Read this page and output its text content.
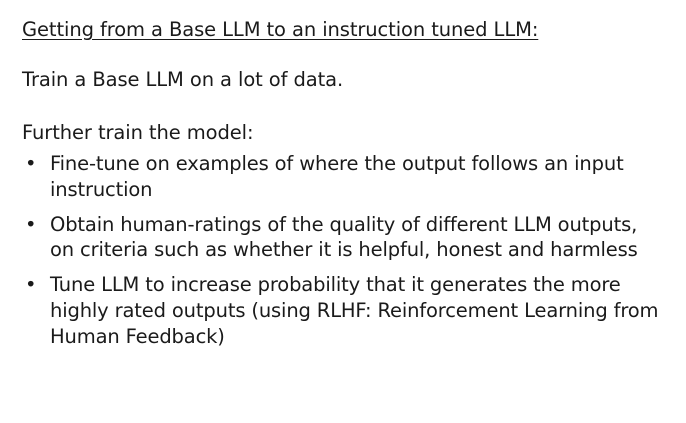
Getting from a Base LLM to an instruction tuned LLM:

Train a Base LLM on a lot of data.

Further train the model:

• Fine-tune on examples of where the output follows an input instruction
• Obtain human-ratings of the quality of different LLM outputs, on criteria such as whether it is helpful, honest and harmless
• Tune LLM to increase probability that it generates the more highly rated outputs (using RLHF: Reinforcement Learning from Human Feedback)
